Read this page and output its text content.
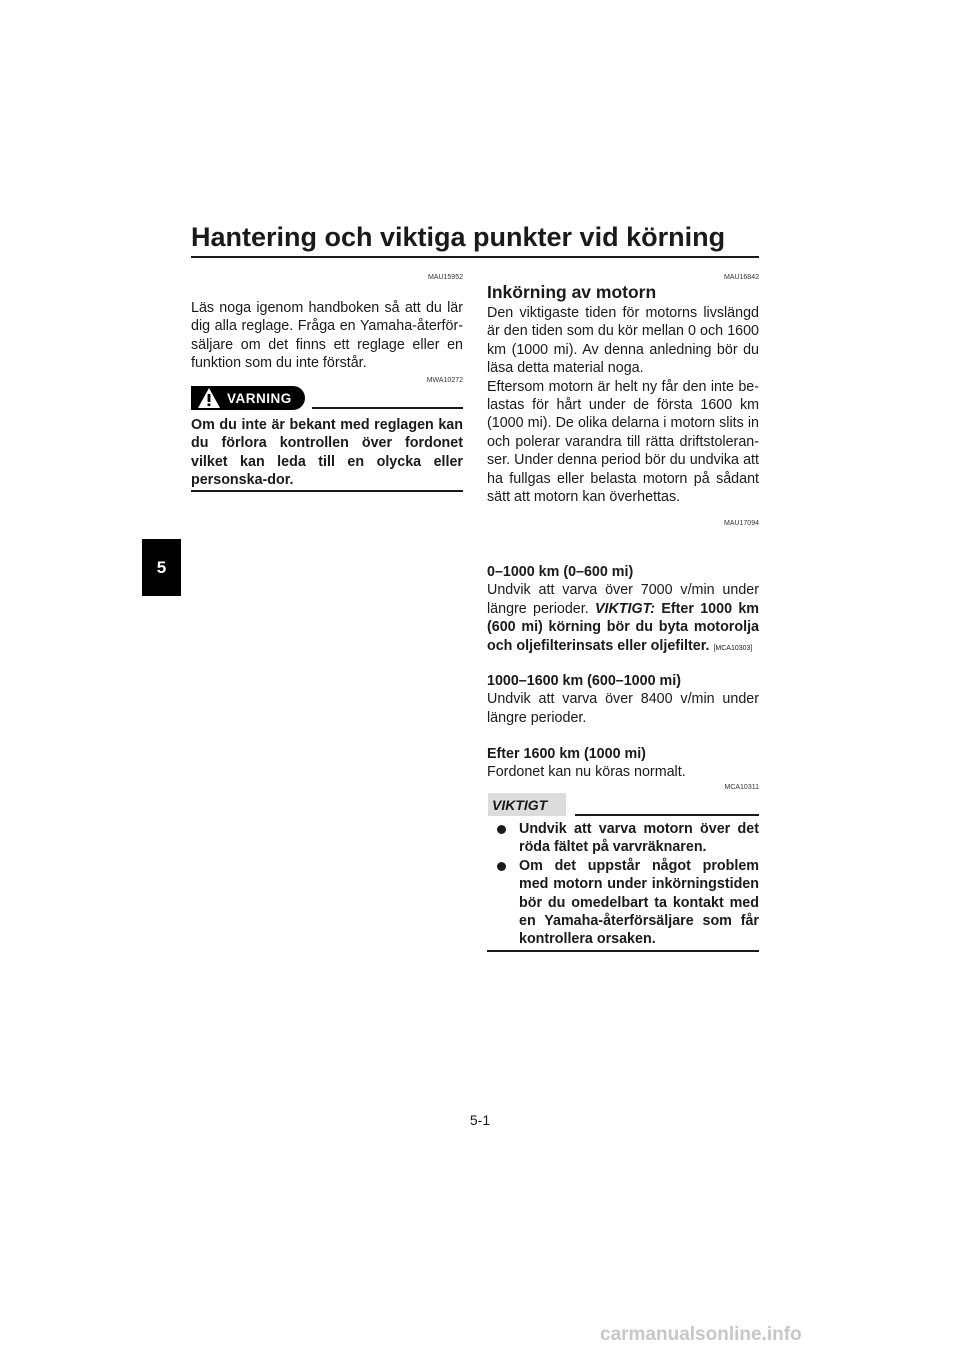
Hantering och viktiga punkter vid körning
5
MAU15952

Läs noga igenom handboken så att du lär dig alla reglage. Fråga en Yamaha-återför-säljare om det finns ett reglage eller en funktion som du inte förstår.

MWA10272
VARNING
Om du inte är bekant med reglagen kan du förlora kontrollen över fordonet vilket kan leda till en olycka eller personska-dor.
MAU16842
Inkörning av motorn

Den viktigaste tiden för motorns livslängd är den tiden som du kör mellan 0 och 1600 km (1000 mi). Av denna anledning bör du läsa detta material noga.

Eftersom motorn är helt ny får den inte be-lastas för hårt under de första 1600 km (1000 mi). De olika delarna i motorn slits in och polerar varandra till rätta driftstoleran-ser. Under denna period bör du undvika att ha fullgas eller belasta motorn på sådant sätt att motorn kan överhettas.

MAU17094

0–1000 km (0–600 mi)

Undvik att varva över 7000 v/min under längre perioder. VIKTIGT: Efter 1000 km (600 mi) körning bör du byta motorolja och oljefilterinsats eller oljefilter. [MCA10303]

1000–1600 km (600–1000 mi)

Undvik att varva över 8400 v/min under längre perioder.

Efter 1600 km (1000 mi)

Fordonet kan nu köras normalt.

MCA10311
VIKTIGT
Undvik att varva motorn över det röda fältet på varvräknaren.
Om det uppstår något problem med motorn under inkörningstiden bör du omedelbart ta kontakt med en Yamaha-återförsäljare som får kontrollera orsaken.
5-1
carmanualsonline.info
